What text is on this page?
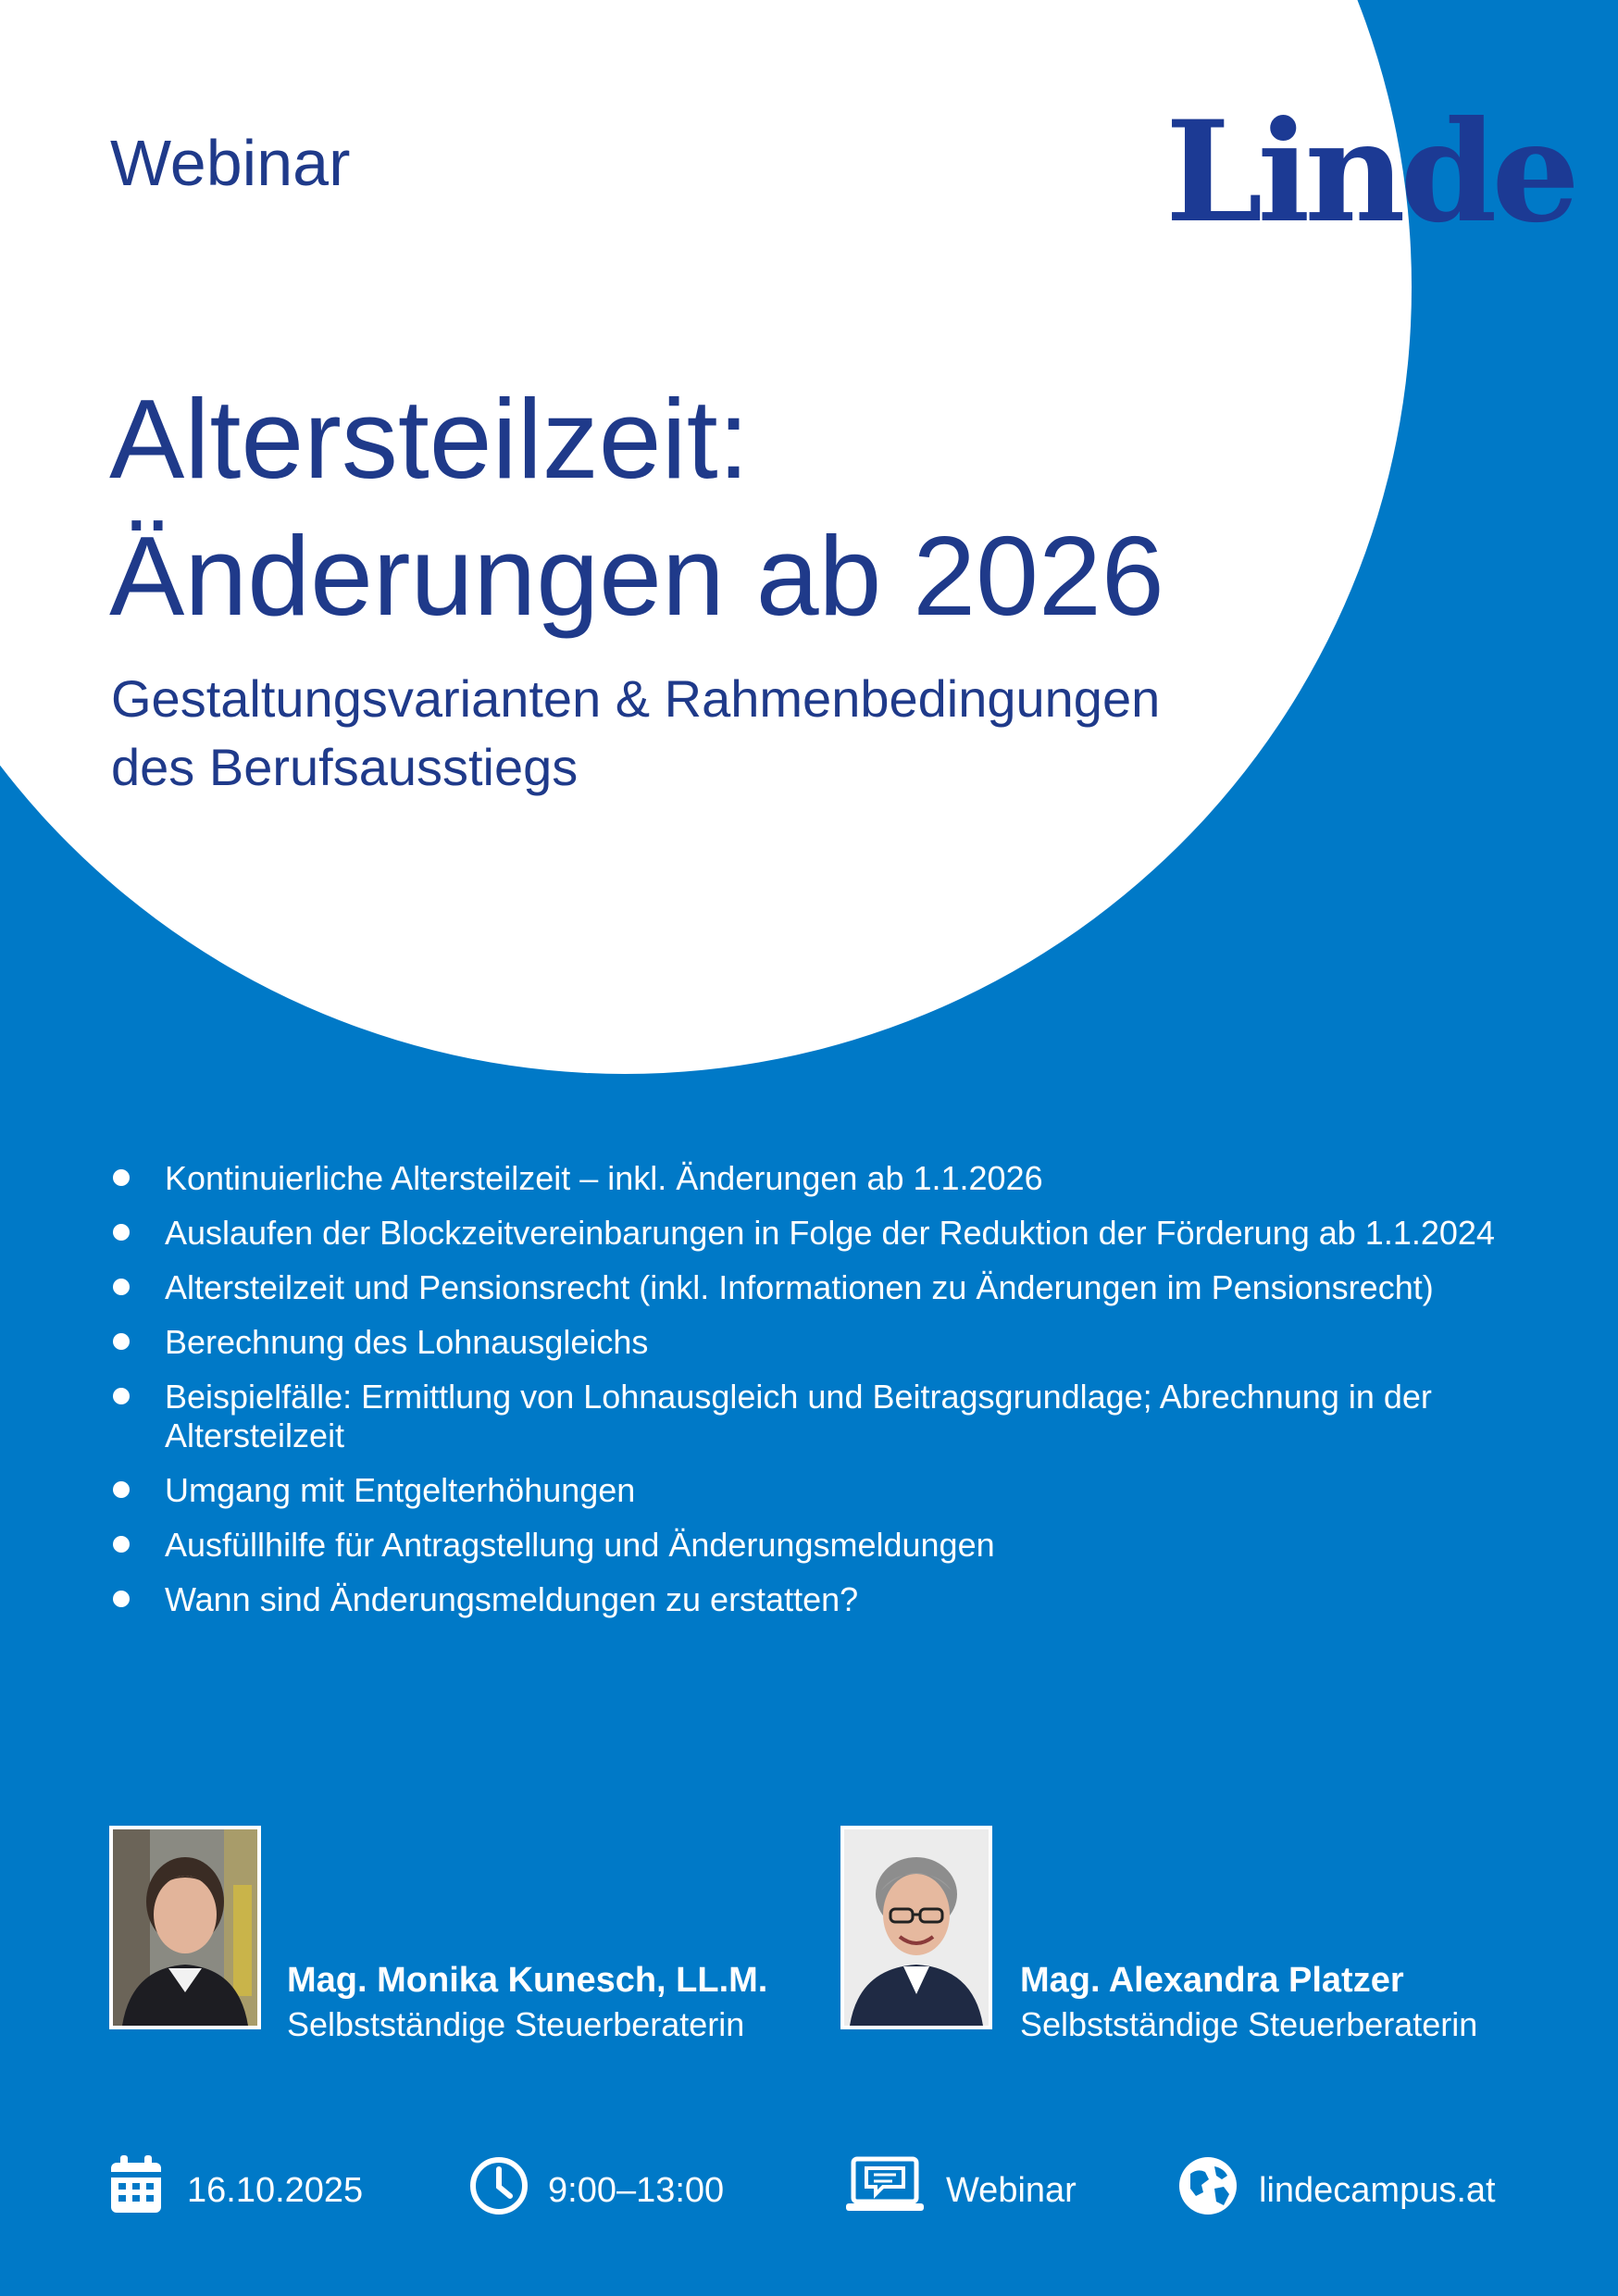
Webinar	Linde
Altersteilzeit:
Änderungen ab 2026
Gestaltungsvarianten & Rahmenbedingungen
des Berufsausstiegs
Kontinuierliche Altersteilzeit – inkl. Änderungen ab 1.1.2026
Auslaufen der Blockzeitvereinbarungen in Folge der Reduktion der Förderung ab 1.1.2024
Altersteilzeit und Pensionsrecht (inkl. Informationen zu Änderungen im Pensionsrecht)
Berechnung des Lohnausgleichs
Beispielfälle: Ermittlung von Lohnausgleich und Beitragsgrundlage; Abrechnung in der Altersteilzeit
Umgang mit Entgelterhöhungen
Ausfüllhilfe für Antragstellung und Änderungsmeldungen
Wann sind Änderungsmeldungen zu erstatten?
Mag. Monika Kunesch, LL.M.
Selbstständige Steuerberaterin
Mag. Alexandra Platzer
Selbstständige Steuerberaterin
16.10.2025	9:00–13:00	Webinar	lindecampus.at
